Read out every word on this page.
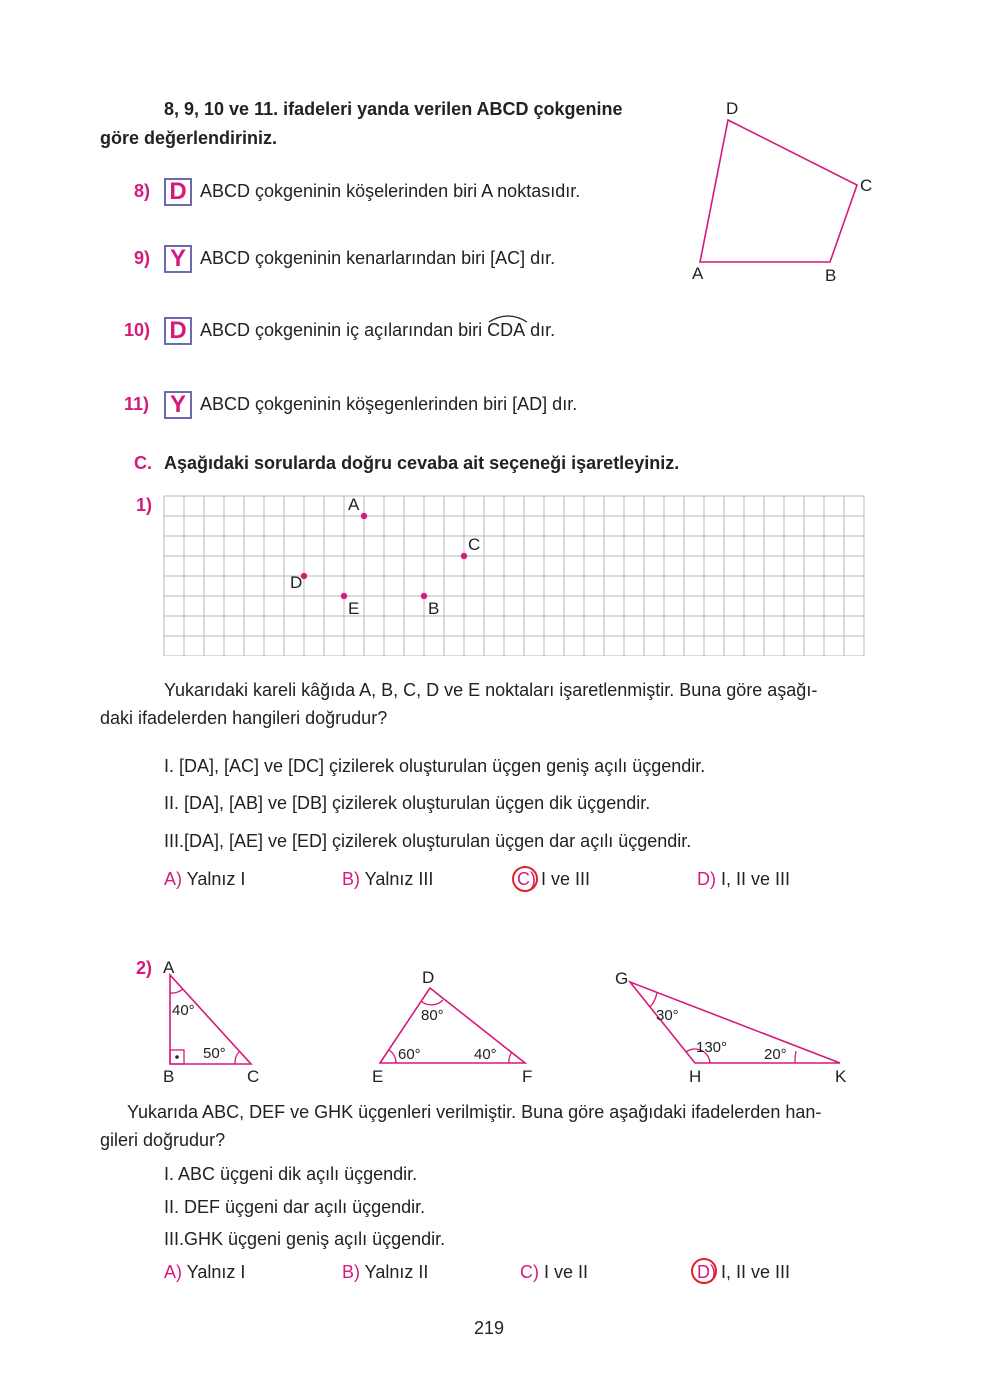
8, 9, 10 ve 11. ifadeleri yanda verilen ABCD çokgenine
göre değerlendiriniz.
D
C
A	B
8) D ABCD çokgeninin köşelerinden biri A noktasıdır.
9) Y ABCD çokgeninin kenarlarından biri [AC] dır.
10) D ABCD çokgeninin iç açılarından biri
CDA dır.
11) Y ABCD çokgeninin köşegenlerinden biri [AD] dır.
C. Aşağıdaki sorularda doğru cevaba ait seçeneği işaretleyiniz.
1)	A
C
D
E	B
Yukarıdaki kareli kâğıda A, B, C, D ve E noktaları işaretlenmiştir. Buna göre aşağı-
daki ifadelerden hangileri doğrudur?
I. [DA], [AC] ve [DC] çizilerek oluşturulan üçgen geniş açılı üçgendir.
II. [DA], [AB] ve [DB] çizilerek oluşturulan üçgen dik üçgendir.
III.[DA], [AE] ve [ED] çizilerek oluşturulan üçgen dar açılı üçgendir.
A) Yalnız I	B) Yalnız III	C) I ve III	D) I, II ve III
2) A
B	C
40°
50°
D
E	F
80°
60°	40°
G
H	K
30°
130° 20°
Yukarıda ABC, DEF ve GHK üçgenleri verilmiştir. Buna göre aşağıdaki ifadelerden han-
gileri doğrudur?
I. ABC üçgeni dik açılı üçgendir.
II. DEF üçgeni dar açılı üçgendir.
III.GHK üçgeni geniş açılı üçgendir.
A) Yalnız I	B) Yalnız II	C) I ve II	D) I, II ve III
219
